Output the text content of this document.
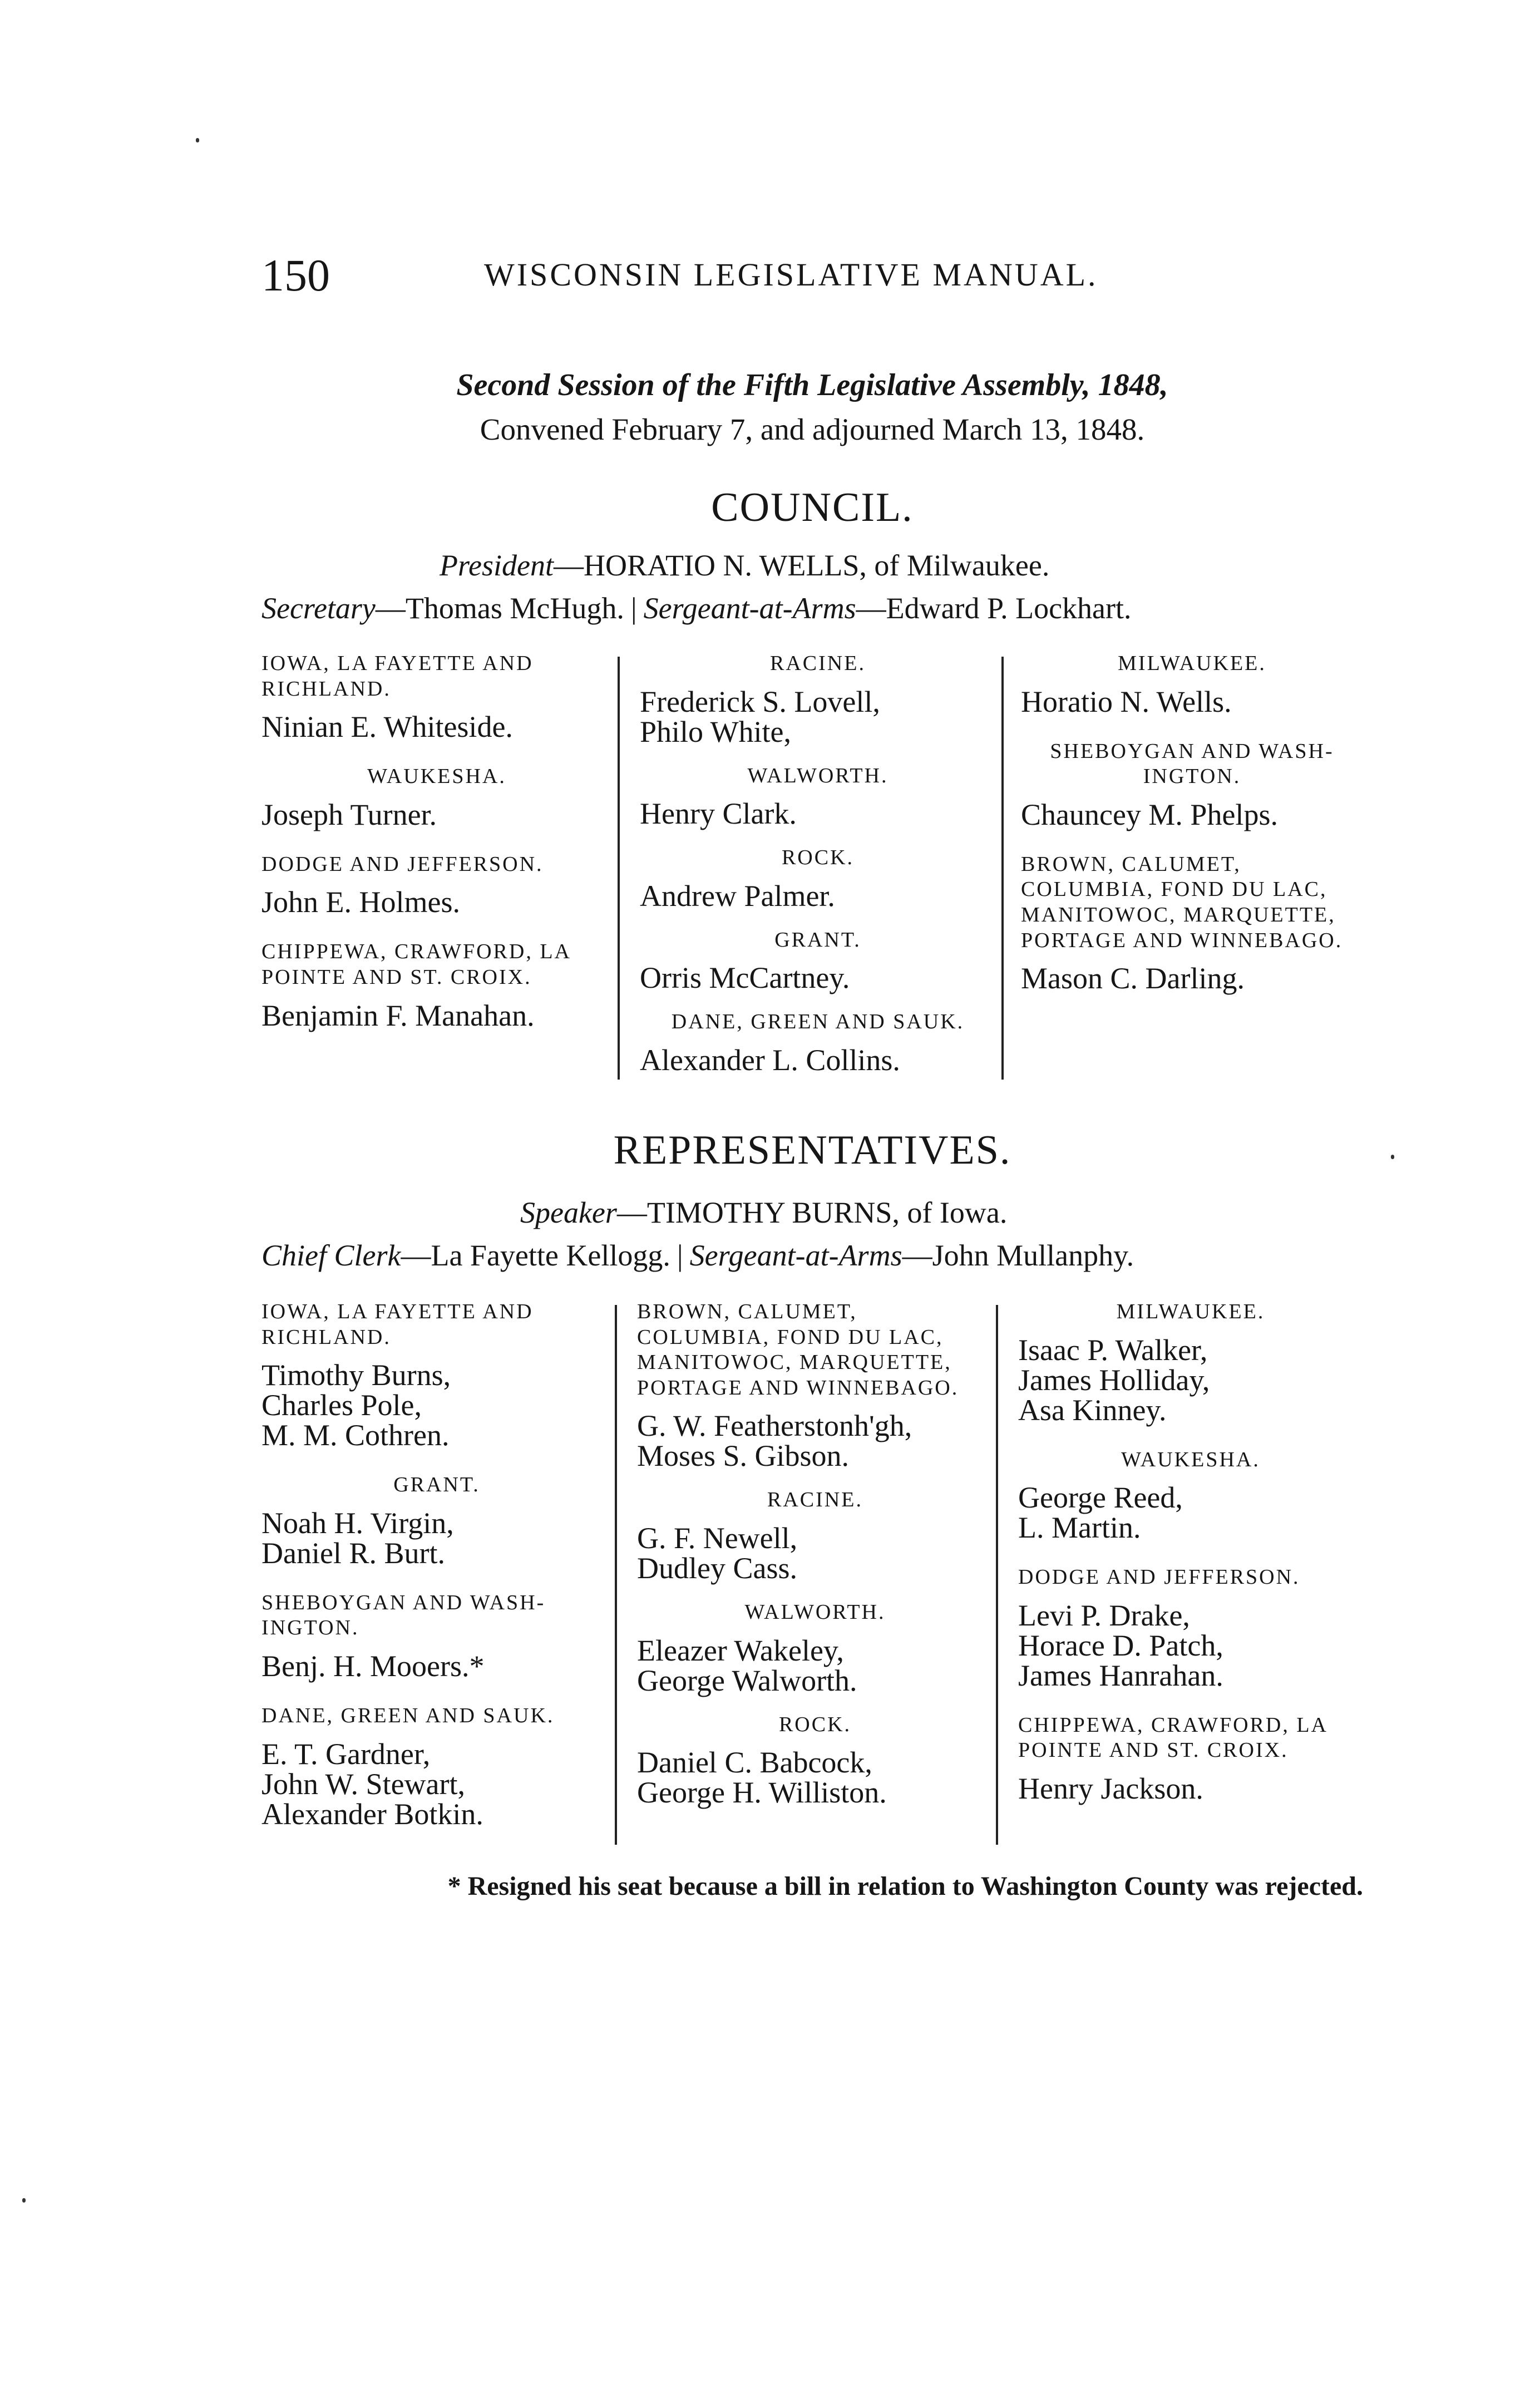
150	WISCONSIN LEGISLATIVE MANUAL.
Second Session of the Fifth Legislative Assembly, 1848,
Convened February 7, and adjourned March 13, 1848.
COUNCIL.
President—HORATIO N. WELLS, of Milwaukee.
Secretary—Thomas McHugh. | Sergeant-at-Arms—Edward P. Lockhart.

IOWA, LA FAYETTE AND RICHLAND.

Ninian E. Whiteside.

WAUKESHA.

Joseph Turner.

DODGE AND JEFFERSON.

John E. Holmes.

CHIPPEWA, CRAWFORD, LA POINTE AND ST. CROIX.

Benjamin F. Manahan.

RACINE.

Frederick S. Lovell,
Philo White,

WALWORTH.

Henry Clark.

ROCK.

Andrew Palmer.

GRANT.

Orris McCartney.

DANE, GREEN AND SAUK.

Alexander L. Collins.

MILWAUKEE.

Horatio N. Wells.

SHEBOYGAN AND WASH-INGTON.

Chauncey M. Phelps.

BROWN, CALUMET, COLUMBIA, FOND DU LAC, MANITOWOC, MARQUETTE, PORTAGE AND WINNEBAGO.

Mason C. Darling.
REPRESENTATIVES.
Speaker—TIMOTHY BURNS, of Iowa.
Chief Clerk—La Fayette Kellogg. | Sergeant-at-Arms—John Mullanphy.

IOWA, LA FAYETTE AND RICHLAND.

Timothy Burns,
Charles Pole,
M. M. Cothren.

GRANT.

Noah H. Virgin,
Daniel R. Burt.

SHEBOYGAN AND WASH-INGTON.

Benj. H. Mooers.*

DANE, GREEN AND SAUK.

E. T. Gardner,
John W. Stewart,
Alexander Botkin.

BROWN, CALUMET, COLUMBIA, FOND DU LAC, MANITOWOC, MARQUETTE, PORTAGE AND WINNEBAGO.

G. W. Featherstonh'gh,
Moses S. Gibson.

RACINE.

G. F. Newell,
Dudley Cass.

WALWORTH.

Eleazer Wakeley,
George Walworth.

ROCK.

Daniel C. Babcock,
George H. Williston.

MILWAUKEE.

Isaac P. Walker,
James Holliday,
Asa Kinney.

WAUKESHA.

George Reed,
L. Martin.

DODGE AND JEFFERSON.

Levi P. Drake,
Horace D. Patch,
James Hanrahan.

CHIPPEWA, CRAWFORD, LA POINTE AND ST. CROIX.

Henry Jackson.
* Resigned his seat because a bill in relation to Washington County was rejected.
